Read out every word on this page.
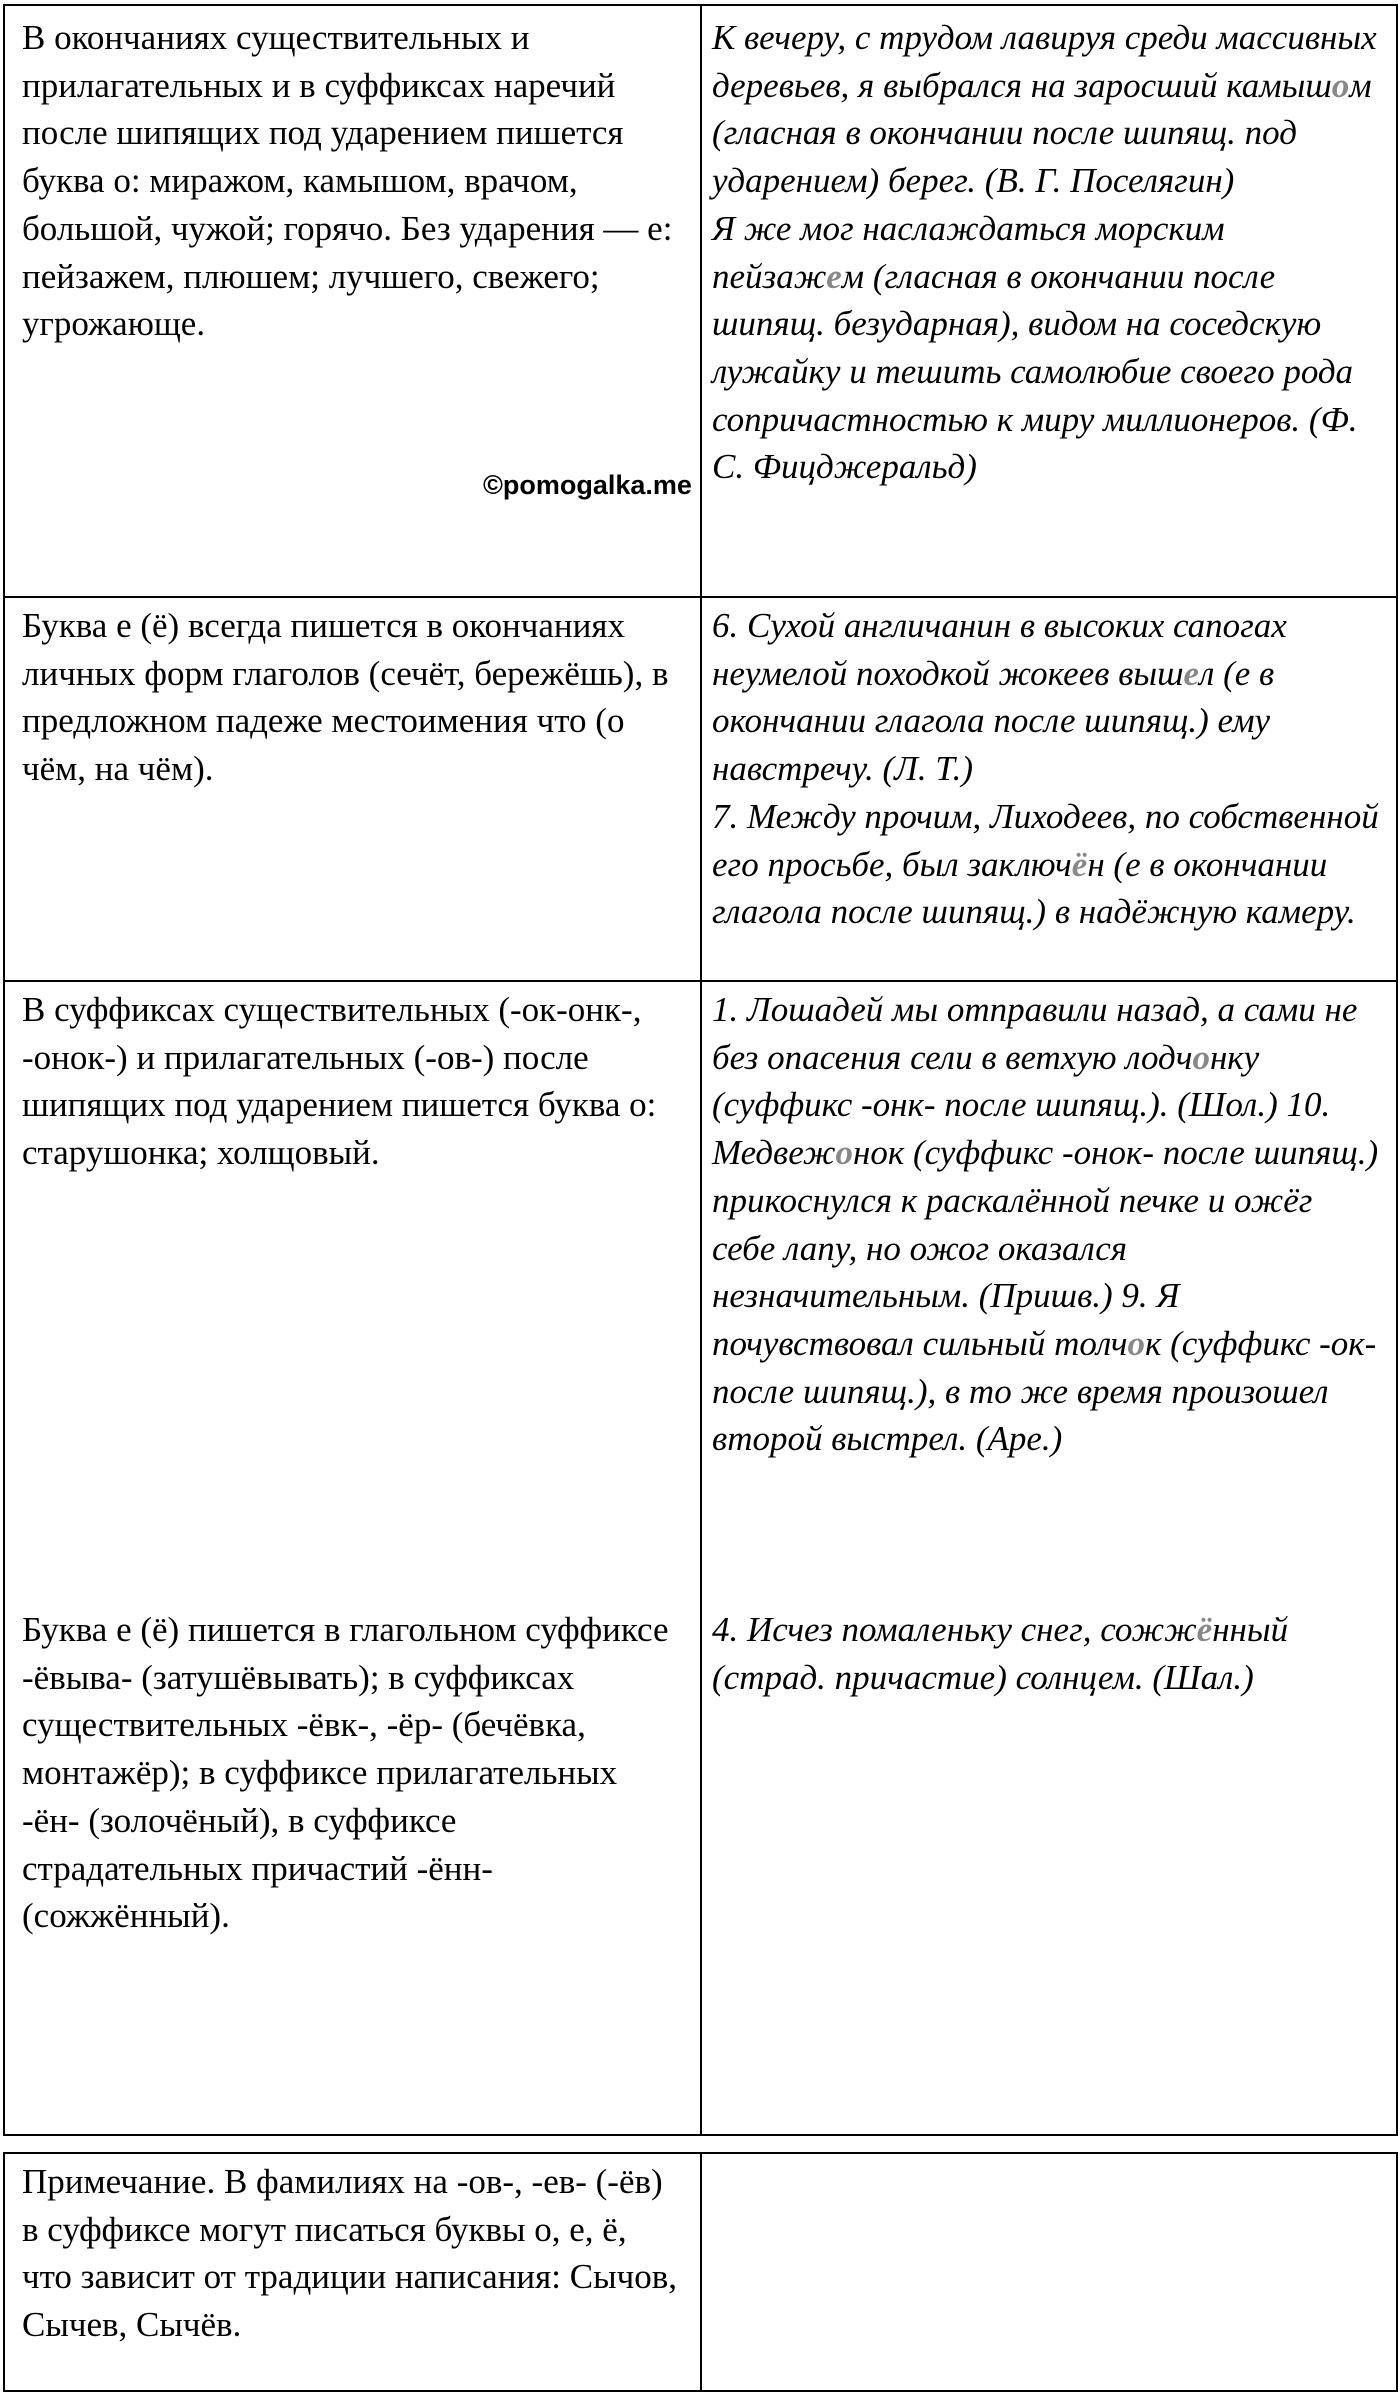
В окончаниях существительных и прилагательных и в суффиксах наречий после шипящих под ударением пишется буква о: миражом, камышом, врачом, большой, чужой; горячо. Без ударения — е: пейзажем, плюшем; лучшего, свежего; угрожающе.

К вечеру, с трудом лавируя среди массивных деревьев, я выбрался на заросший камышом (гласная в окончании после шипящ. под ударением) берег. (В. Г. Поселягин)

Я же мог наслаждаться морским пейзажем (гласная в окончании после шипящ. безударная), видом на соседскую лужайку и тешить самолюбие своего рода сопричастностью к миру миллионеров. (Ф. С. Фицджеральд)

©pomogalka.me

Буква е (ё) всегда пишется в окончаниях личных форм глаголов (сечёт, бережёшь), в предложном падеже местоимения что (о чём, на чём).

6. Сухой англичанин в высоких сапогах неумелой походкой жокеев вышел (е в окончании глагола после шипящ.) ему навстречу. (Л. Т.)

7. Между прочим, Лиходеев, по собственной его просьбе, был заключён (е в окончании глагола после шипящ.) в надёжную камеру.

В суффиксах существительных (-ок-онк-, -онок-) и прилагательных (-ов-) после шипящих под ударением пишется буква о: старушонка; холщовый.

Буква е (ё) пишется в глагольном суффиксе -ёвыва- (затушёвывать); в суффиксах существительных -ёвк-, -ёр- (бечёвка, монтажёр); в суффиксе прилагательных -ён- (золочёный), в суффиксе страдательных причастий -ённ- (сожжённый).

1. Лошадей мы отправили назад, а сами не без опасения сели в ветхую лодчонку (суффикс -онк- после шипящ.). (Шол.) 10. Медвежонок (суффикс -онок- после шипящ.) прикоснулся к раскалённой печке и ожёг себе лапу, но ожог оказался незначительным. (Пришв.) 9. Я почувствовал сильный толчок (суффикс -ок- после шипящ.), в то же время произошел второй выстрел. (Аре.)

4. Исчез помаленьку снег, сожжённый (страд. причастие) солнцем. (Шал.)

Примечание. В фамилиях на -ов-, -ев- (-ёв) в суффиксе могут писаться буквы о, е, ё, что зависит от традиции написания: Сычов, Сычев, Сычёв.
